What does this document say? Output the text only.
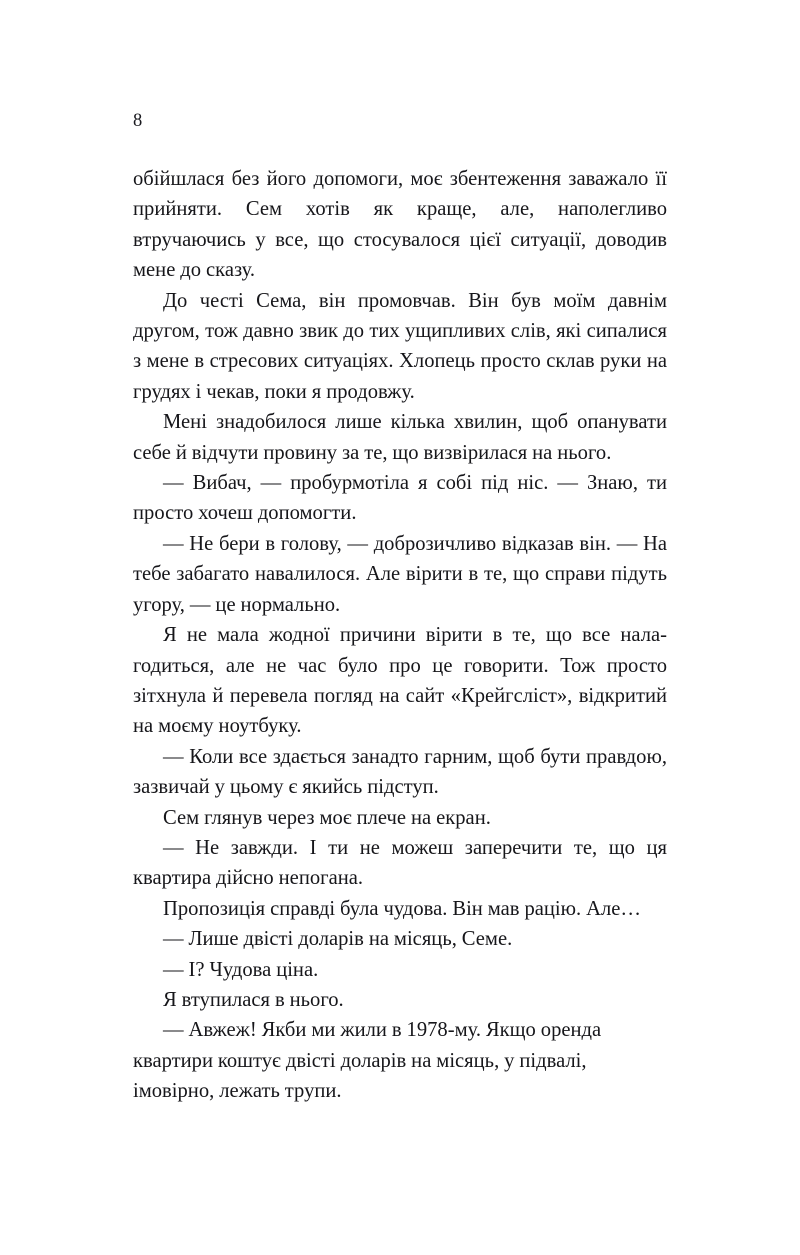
8

обійшлася без його допомоги, моє збентеження заважало її прийняти. Сем хотів як краще, але, наполегливо втручаючись у все, що стосувалося цієї ситуації, доводив мене до сказу.

До честі Сема, він промовчав. Він був моїм давнім другом, тож давно звик до тих ущипливих слів, які сипалися з мене в стресових ситуаціях. Хлопець просто склав руки на грудях і чекав, поки я продовжу.

Мені знадобилося лише кілька хвилин, щоб опанувати себе й відчути провину за те, що визвірилася на нього.

— Вибач, — пробурмотіла я собі під ніс. — Знаю, ти просто хочеш допомогти.

— Не бери в голову, — доброзичливо відказав він. — На тебе забагато навалилося. Але вірити в те, що справи підуть угору, — це нормально.

Я не мала жодної причини вірити в те, що все налагодиться, але не час було про це говорити. Тож просто зітхнула й перевела погляд на сайт «Крейгсліст», відкритий на моєму ноутбуку.

— Коли все здається занадто гарним, щоб бути правдою, зазвичай у цьому є якийсь підступ.

Сем глянув через моє плече на екран.

— Не завжди. І ти не можеш заперечити те, що ця квартира дійсно непогана.

Пропозиція справді була чудова. Він мав рацію. Але…

— Лише двісті доларів на місяць, Семе.

— І? Чудова ціна.

Я втупилася в нього.

— Авжеж! Якби ми жили в 1978-му. Якщо оренда квартири коштує двісті доларів на місяць, у підвалі, імовірно, лежать трупи.
